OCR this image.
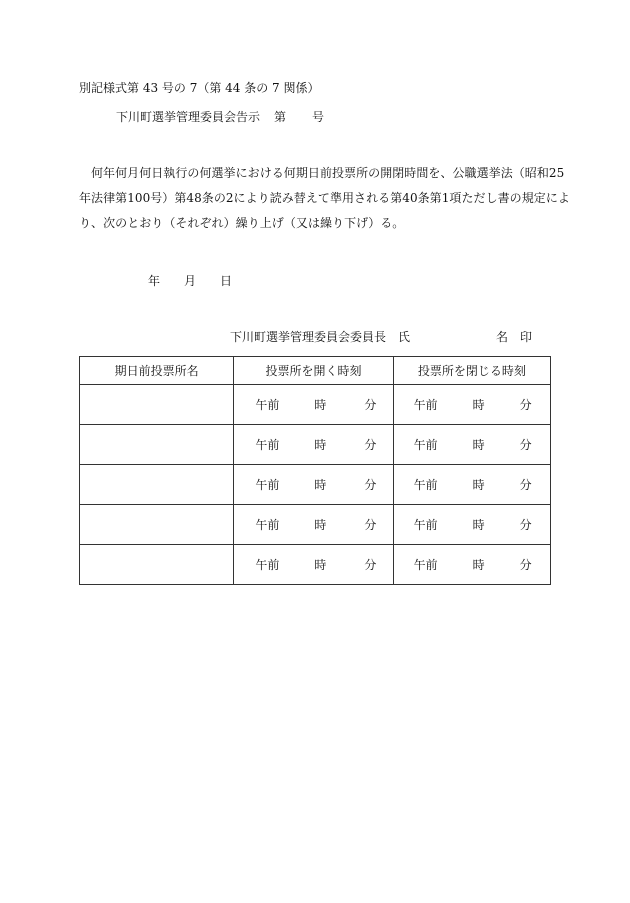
別記様式第 43 号の 7（第 44 条の 7 関係）
下川町選挙管理委員会告示 第 号
何年何月何日執行の何選挙における何期日前投票所の開閉時間を、公職選挙法（昭和25
年法律第100号）第48条の2により読み替えて準用される第40条第1項ただし書の規定によ
り、次のとおり（それぞれ）繰り上げ（又は繰り下げ）る。
年 月 日
下川町選挙管理委員会委員長 氏	名 印
期日前投票所名	投票所を開く時刻	投票所を閉じる時刻

	午前 時 分	午前 時 分

	午前 時 分	午前 時 分

	午前 時 分	午前 時 分

	午前 時 分	午前 時 分

	午前 時 分	午前 時 分
